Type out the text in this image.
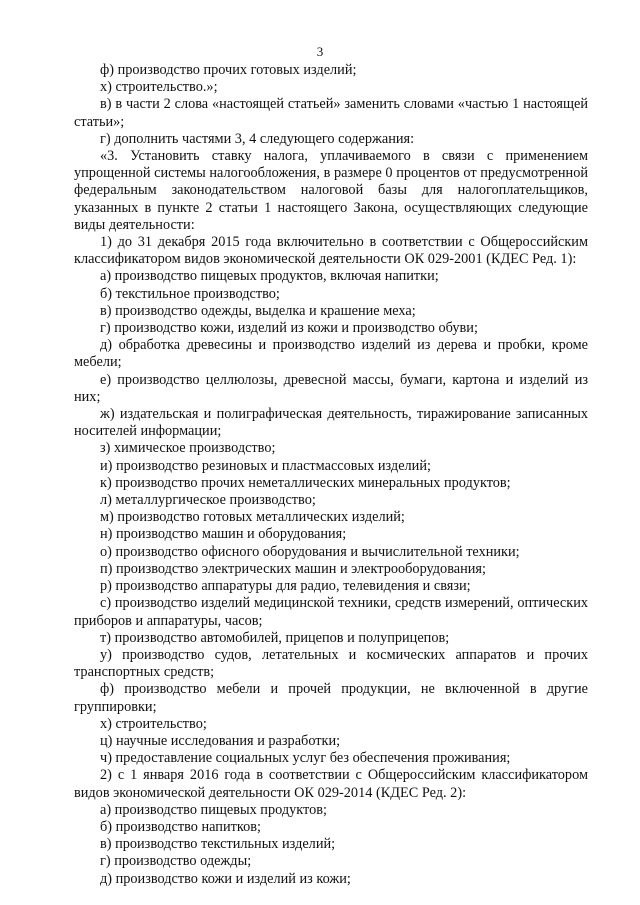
3

ф) производство прочих готовых изделий;

х) строительство.»;

в) в части 2 слова «настоящей статьей» заменить словами «частью 1 настоящей статьи»;

г) дополнить частями 3, 4 следующего содержания:

«3. Установить ставку налога, уплачиваемого в связи с применением упрощенной системы налогообложения, в размере 0 процентов от предусмотренной федеральным законодательством налоговой базы для налогоплательщиков, указанных в пункте 2 статьи 1 настоящего Закона, осуществляющих следующие виды деятельности:

1) до 31 декабря 2015 года включительно в соответствии с Общероссийским классификатором видов экономической деятельности ОК 029-2001 (КДЕС Ред. 1):

а) производство пищевых продуктов, включая напитки;

б) текстильное производство;

в) производство одежды, выделка и крашение меха;

г) производство кожи, изделий из кожи и производство обуви;

д) обработка древесины и производство изделий из дерева и пробки, кроме мебели;

е) производство целлюлозы, древесной массы, бумаги, картона и изделий из них;

ж) издательская и полиграфическая деятельность, тиражирование записанных носителей информации;

з) химическое производство;

и) производство резиновых и пластмассовых изделий;

к) производство прочих неметаллических минеральных продуктов;

л) металлургическое производство;

м) производство готовых металлических изделий;

н) производство машин и оборудования;

о) производство офисного оборудования и вычислительной техники;

п) производство электрических машин и электрооборудования;

р) производство аппаратуры для радио, телевидения и связи;

с) производство изделий медицинской техники, средств измерений, оптических приборов и аппаратуры, часов;

т) производство автомобилей, прицепов и полуприцепов;

у) производство судов, летательных и космических аппаратов и прочих транспортных средств;

ф) производство мебели и прочей продукции, не включенной в другие группировки;

х) строительство;

ц) научные исследования и разработки;

ч) предоставление социальных услуг без обеспечения проживания;

2) с 1 января 2016 года в соответствии с Общероссийским классификатором видов экономической деятельности ОК 029-2014 (КДЕС Ред. 2):

а) производство пищевых продуктов;

б) производство напитков;

в) производство текстильных изделий;

г) производство одежды;

д) производство кожи и изделий из кожи;
